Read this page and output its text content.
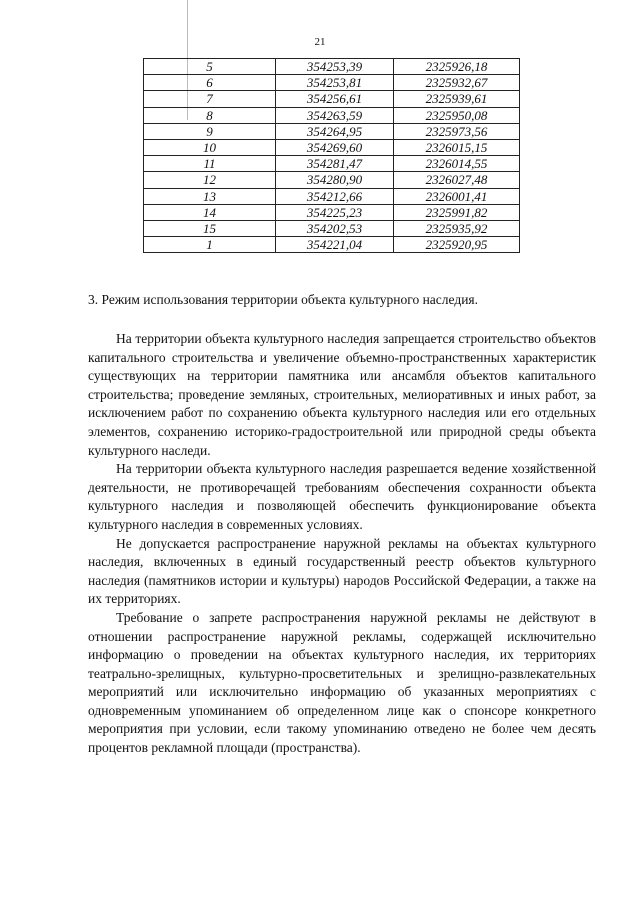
21
5	354253,39	2325926,18
6	354253,81	2325932,67
7	354256,61	2325939,61
8	354263,59	2325950,08
9	354264,95	2325973,56
10	354269,60	2326015,15
11	354281,47	2326014,55
12	354280,90	2326027,48
13	354212,66	2326001,41
14	354225,23	2325991,82
15	354202,53	2325935,92
1	354221,04	2325920,95
3. Режим использования территории объекта культурного наследия.

На территории объекта культурного наследия запрещается строительство объектов капитального строительства и увеличение объемно-пространственных характеристик существующих на территории памятника или ансамбля объектов капитального строительства; проведение земляных, строительных, мелиоративных и иных работ, за исключением работ по сохранению объекта культурного наследия или его отдельных элементов, сохранению историко-градостроительной или природной среды объекта культурного наследи.

На территории объекта культурного наследия разрешается ведение хозяйственной деятельности, не противоречащей требованиям обеспечения сохранности объекта культурного наследия и позволяющей обеспечить функционирование объекта культурного наследия в современных условиях.

Не допускается распространение наружной рекламы на объектах культурного наследия, включенных в единый государственный реестр объектов культурного наследия (памятников истории и культуры) народов Российской Федерации, а также на их территориях.

Требование о запрете распространения наружной рекламы не действуют в отношении распространение наружной рекламы, содержащей исключительно информацию о проведении на объектах культурного наследия, их территориях театрально-зрелищных, культурно-просветительных и зрелищно-развлекательных мероприятий или исключительно информацию об указанных мероприятиях с одновременным упоминанием об определенном лице как о спонсоре конкретного мероприятия при условии, если такому упоминанию отведено не более чем десять процентов рекламной площади (пространства).
